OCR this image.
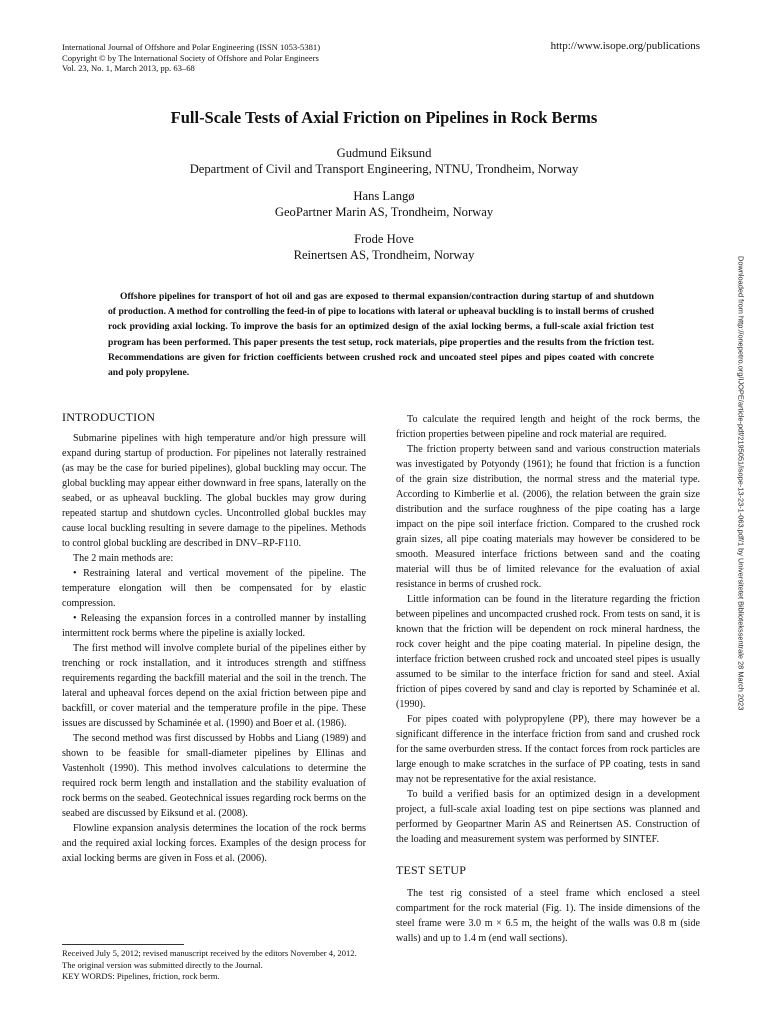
International Journal of Offshore and Polar Engineering (ISSN 1053-5381)
Copyright © by The International Society of Offshore and Polar Engineers
Vol. 23, No. 1, March 2013, pp. 63–68
http://www.isope.org/publications
Full-Scale Tests of Axial Friction on Pipelines in Rock Berms
Gudmund Eiksund
Department of Civil and Transport Engineering, NTNU, Trondheim, Norway
Hans Langø
GeoPartner Marin AS, Trondheim, Norway
Frode Hove
Reinertsen AS, Trondheim, Norway
Downloaded from http://onepetro.org/IJOPE/article-pdf/2195051/isope-13-23-1-063.pdf/1 by Universitetet Bibliotekssentrale 28 March 2023

Offshore pipelines for transport of hot oil and gas are exposed to thermal expansion/contraction during startup of and shutdown of production. A method for controlling the feed-in of pipe to locations with lateral or upheaval buckling is to install berms of crushed rock providing axial locking. To improve the basis for an optimized design of the axial locking berms, a full-scale axial friction test program has been performed. This paper presents the test setup, rock materials, pipe properties and the results from the friction test. Recommendations are given for friction coefficients between crushed rock and uncoated steel pipes and pipes coated with concrete and poly propylene.

INTRODUCTION

Submarine pipelines with high temperature and/or high pressure will expand during startup of production. For pipelines not laterally restrained (as may be the case for buried pipelines), global buckling may occur. The global buckling may appear either downward in free spans, laterally on the seabed, or as upheaval buckling. The global buckles may grow during repeated startup and shutdown cycles. Uncontrolled global buckles may cause local buckling resulting in severe damage to the pipelines. Methods to control global buckling are described in DNV–RP-F110.

The 2 main methods are:

• Restraining lateral and vertical movement of the pipeline. The temperature elongation will then be compensated for by elastic compression.

• Releasing the expansion forces in a controlled manner by installing intermittent rock berms where the pipeline is axially locked.

The first method will involve complete burial of the pipelines either by trenching or rock installation, and it introduces strength and stiffness requirements regarding the backfill material and the soil in the trench. The lateral and upheaval forces depend on the axial friction between pipe and backfill, or cover material and the temperature profile in the pipe. These issues are discussed by Schaminée et al. (1990) and Boer et al. (1986).

The second method was first discussed by Hobbs and Liang (1989) and shown to be feasible for small-diameter pipelines by Ellinas and Vastenholt (1990). This method involves calculations to determine the required rock berm length and installation and the stability evaluation of rock berms on the seabed. Geotechnical issues regarding rock berms on the seabed are discussed by Eiksund et al. (2008).

Flowline expansion analysis determines the location of the rock berms and the required axial locking forces. Examples of the design process for axial locking berms are given in Foss et al. (2006).

To calculate the required length and height of the rock berms, the friction properties between pipeline and rock material are required.

The friction property between sand and various construction materials was investigated by Potyondy (1961); he found that friction is a function of the grain size distribution, the normal stress and the material type. According to Kimberlie et al. (2006), the relation between the grain size distribution and the surface roughness of the pipe coating has a large impact on the pipe soil interface friction. Compared to the crushed rock grain sizes, all pipe coating materials may however be considered to be smooth. Measured interface frictions between sand and the coating material will thus be of limited relevance for the evaluation of axial resistance in berms of crushed rock.

Little information can be found in the literature regarding the friction between pipelines and uncompacted crushed rock. From tests on sand, it is known that the friction will be dependent on rock mineral hardness, the rock cover height and the pipe coating material. In pipeline design, the interface friction between crushed rock and uncoated steel pipes is usually assumed to be similar to the interface friction for sand and steel. Axial friction of pipes covered by sand and clay is reported by Schaminée et al. (1990).

For pipes coated with polypropylene (PP), there may however be a significant difference in the interface friction from sand and crushed rock for the same overburden stress. If the contact forces from rock particles are large enough to make scratches in the surface of PP coating, tests in sand may not be representative for the axial resistance.

To build a verified basis for an optimized design in a development project, a full-scale axial loading test on pipe sections was planned and performed by Geopartner Marin AS and Reinertsen AS. Construction of the loading and measurement system was performed by SINTEF.

TEST SETUP

The test rig consisted of a steel frame which enclosed a steel compartment for the rock material (Fig. 1). The inside dimensions of the steel frame were 3.0 m × 6.5 m, the height of the walls was 0.8 m (side walls) and up to 1.4 m (end wall sections).

Received July 5, 2012; revised manuscript received by the editors November 4, 2012. The original version was submitted directly to the Journal.
KEY WORDS: Pipelines, friction, rock berm.
